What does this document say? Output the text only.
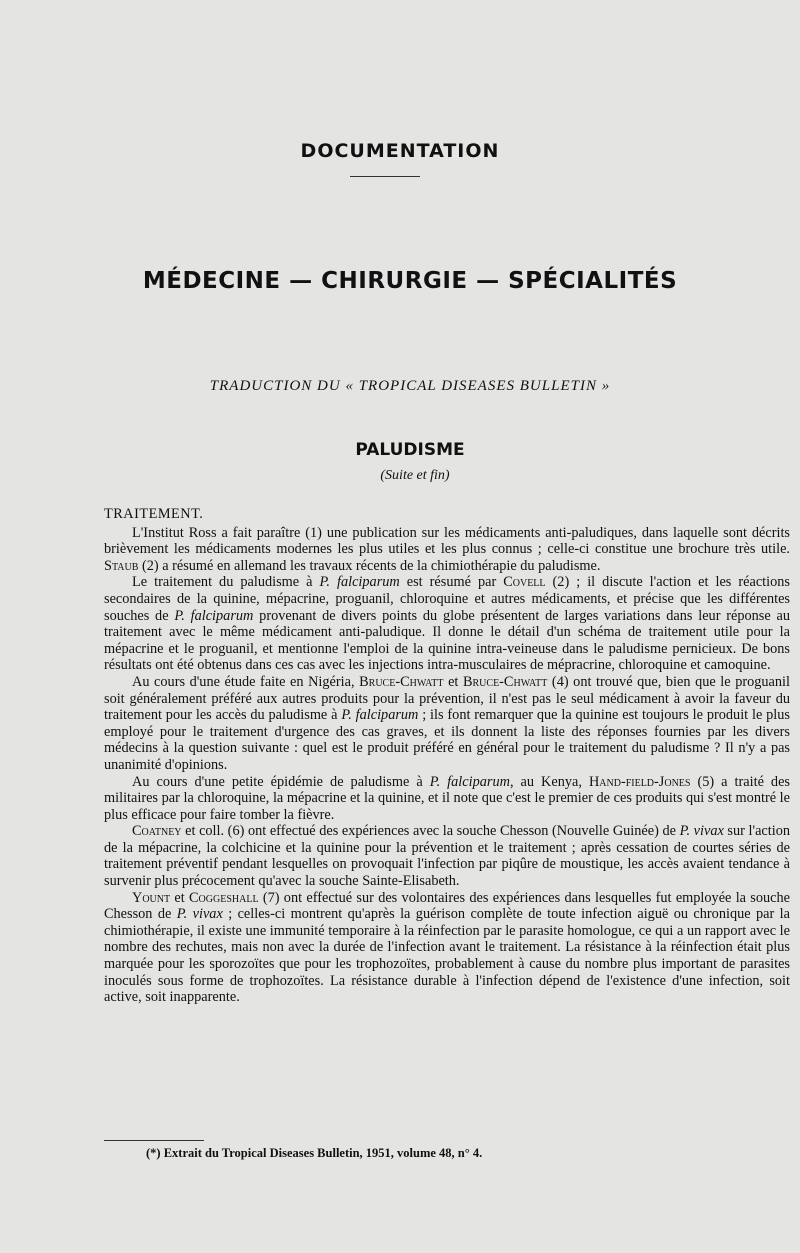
DOCUMENTATION
MÉDECINE — CHIRURGIE — SPÉCIALITÉS
TRADUCTION DU « TROPICAL DISEASES BULLETIN »
PALUDISME
(Suite et fin)

TRAITEMENT.

L'Institut Ross a fait paraître (1) une publication sur les médicaments anti-paludiques, dans laquelle sont décrits brièvement les médicaments modernes les plus utiles et les plus connus ; celle-ci constitue une brochure très utile. Staub (2) a résumé en allemand les travaux récents de la chimiothérapie du paludisme.

Le traitement du paludisme à P. falciparum est résumé par Covell (2) ; il discute l'action et les réactions secondaires de la quinine, mépacrine, proguanil, chloroquine et autres médicaments, et précise que les différentes souches de P. falciparum provenant de divers points du globe présentent de larges variations dans leur réponse au traitement avec le même médicament anti-paludique. Il donne le détail d'un schéma de traitement utile pour la mépacrine et le proguanil, et mentionne l'emploi de la quinine intra-veineuse dans le paludisme pernicieux. De bons résultats ont été obtenus dans ces cas avec les injections intra-musculaires de mépracrine, chloroquine et camoquine.

Au cours d'une étude faite en Nigéria, Bruce-Chwatt et Bruce-Chwatt (4) ont trouvé que, bien que le proguanil soit généralement préféré aux autres produits pour la prévention, il n'est pas le seul médicament à avoir la faveur du traitement pour les accès du paludisme à P. falciparum ; ils font remarquer que la quinine est toujours le produit le plus employé pour le traitement d'urgence des cas graves, et ils donnent la liste des réponses fournies par les divers médecins à la question suivante : quel est le produit préféré en général pour le traitement du paludisme ? Il n'y a pas unanimité d'opinions.

Au cours d'une petite épidémie de paludisme à P. falciparum, au Kenya, Hand-field-Jones (5) a traité des militaires par la chloroquine, la mépacrine et la quinine, et il note que c'est le premier de ces produits qui s'est montré le plus efficace pour faire tomber la fièvre.

Coatney et coll. (6) ont effectué des expériences avec la souche Chesson (Nouvelle Guinée) de P. vivax sur l'action de la mépacrine, la colchicine et la quinine pour la prévention et le traitement ; après cessation de courtes séries de traitement préventif pendant lesquelles on provoquait l'infection par piqûre de moustique, les accès avaient tendance à survenir plus précocement qu'avec la souche Sainte-Elisabeth.

Yount et Coggeshall (7) ont effectué sur des volontaires des expériences dans lesquelles fut employée la souche Chesson de P. vivax ; celles-ci montrent qu'après la guérison complète de toute infection aiguë ou chronique par la chimiothérapie, il existe une immunité temporaire à la réinfection par le parasite homologue, ce qui a un rapport avec le nombre des rechutes, mais non avec la durée de l'infection avant le traitement. La résistance à la réinfection était plus marquée pour les sporozoïtes que pour les trophozoïtes, probablement à cause du nombre plus important de parasites inoculés sous forme de trophozoïtes. La résistance durable à l'infection dépend de l'existence d'une infection, soit active, soit inapparente.

(*) Extrait du Tropical Diseases Bulletin, 1951, volume 48, n° 4.
